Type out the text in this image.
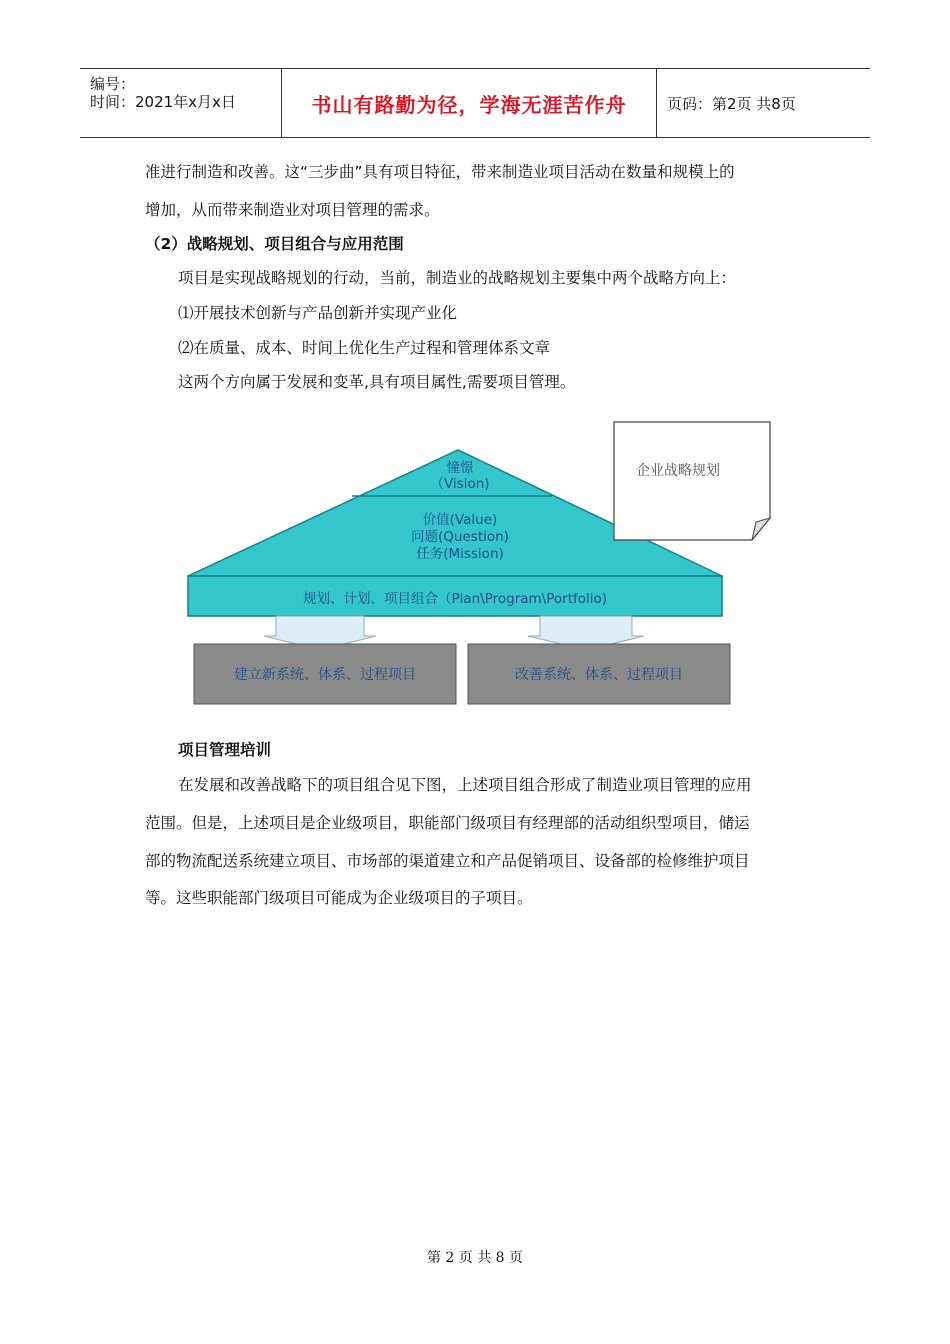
编号：
时间：2021年x月x日	书山有路勤为径，学海无涯苦作舟	页码：第2页 共8页
准进行制造和改善。这“三步曲”具有项目特征，带来制造业项目活动在数量和规模上的
增加，从而带来制造业对项目管理的需求。
（2）战略规划、项目组合与应用范围
项目是实现战略规划的行动，当前，制造业的战略规划主要集中两个战略方向上：
⑴开展技术创新与产品创新并实现产业化
⑵在质量、成本、时间上优化生产过程和管理体系文章
这两个方向属于发展和变革,具有项目属性,需要项目管理。
憧憬
（Vision)
价值(Value)
问题(Question)
任务(Mission)
规划、计划、项目组合（Plan\Program\Portfolio)
建立新系统、体系、过程项目	改善系统、体系、过程项目
企业战略规划
项目管理培训
在发展和改善战略下的项目组合见下图，上述项目组合形成了制造业项目管理的应用
范围。但是，上述项目是企业级项目，职能部门级项目有经理部的活动组织型项目，储运
部的物流配送系统建立项目、市场部的渠道建立和产品促销项目、设备部的检修维护项目
等。这些职能部门级项目可能成为企业级项目的子项目。
第 2 页 共 8 页
